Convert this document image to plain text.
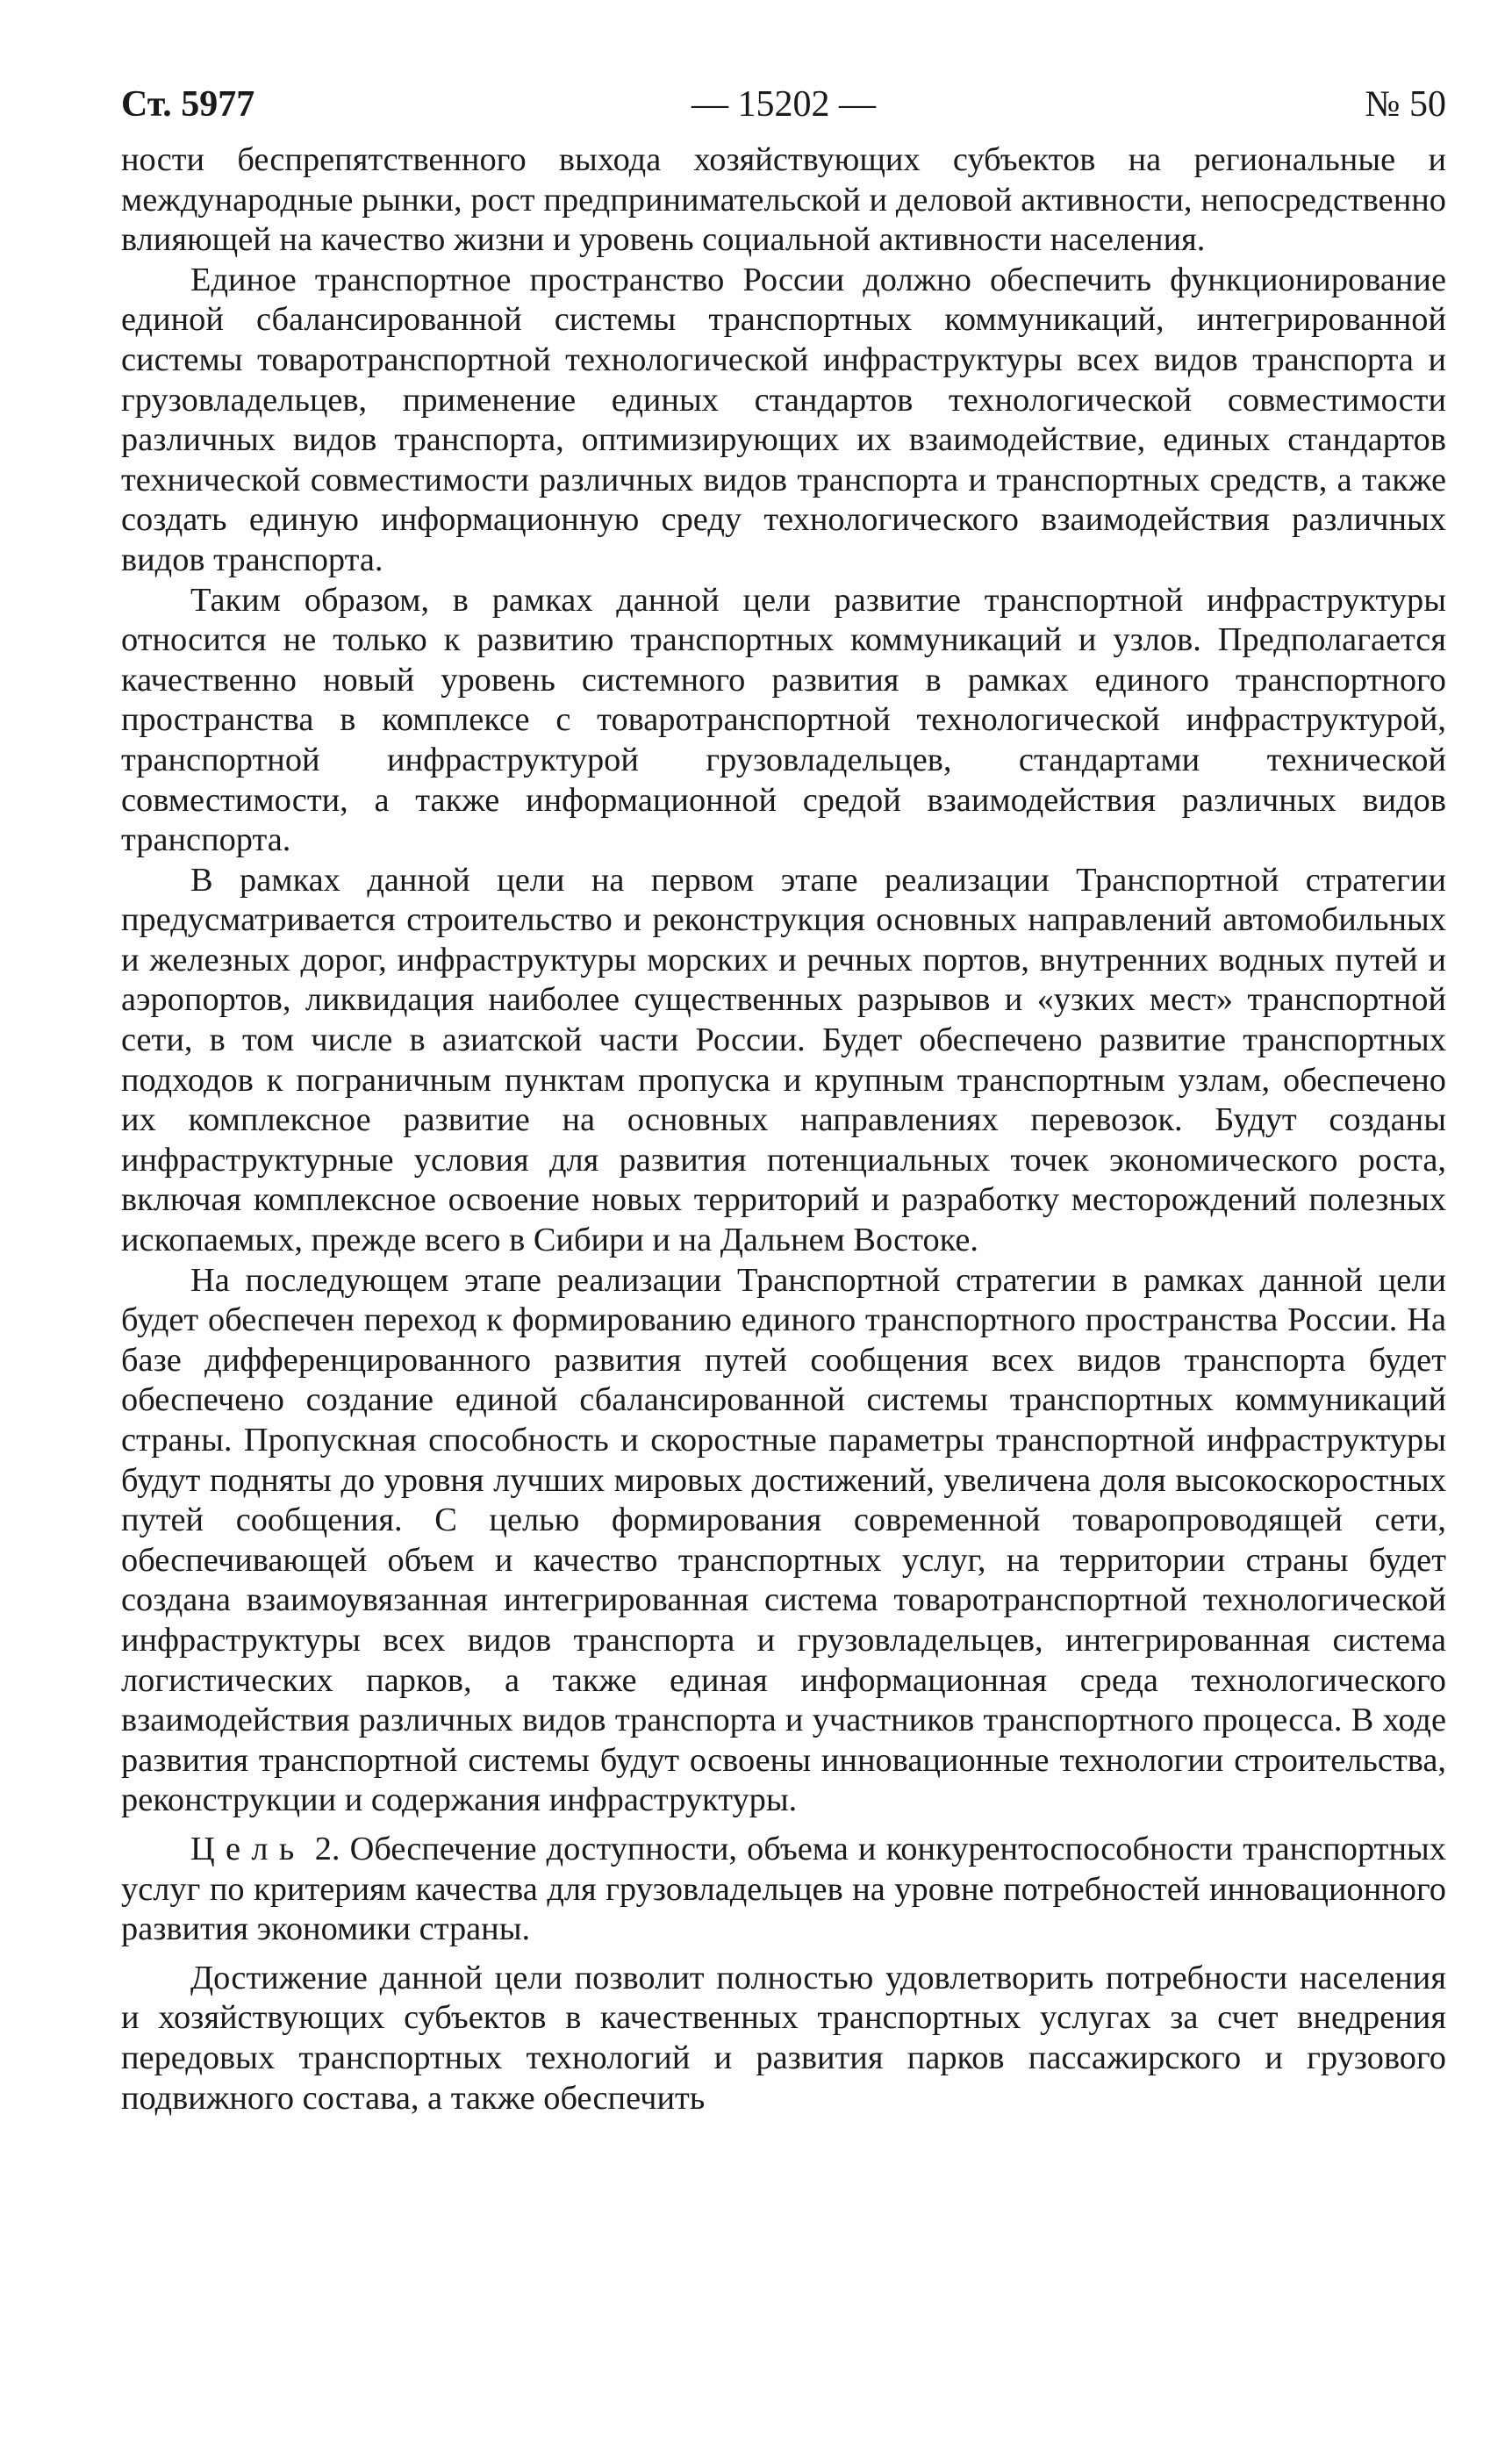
Ст. 5977	— 15202 —	№ 50

ности беспрепятственного выхода хозяйствующих субъектов на региональные и международные рынки, рост предпринимательской и деловой активности, непосредственно влияющей на качество жизни и уровень социальной активности населения.

Единое транспортное пространство России должно обеспечить функционирование единой сбалансированной системы транспортных коммуникаций, интегрированной системы товаротранспортной технологической инфраструктуры всех видов транспорта и грузовладельцев, применение единых стандартов технологической совместимости различных видов транспорта, оптимизирующих их взаимодействие, единых стандартов технической совместимости различных видов транспорта и транспортных средств, а также создать единую информационную среду технологического взаимодействия различных видов транспорта.

Таким образом, в рамках данной цели развитие транспортной инфраструктуры относится не только к развитию транспортных коммуникаций и узлов. Предполагается качественно новый уровень системного развития в рамках единого транспортного пространства в комплексе с товаротранспортной технологической инфраструктурой, транспортной инфраструктурой грузовладельцев, стандартами технической совместимости, а также информационной средой взаимодействия различных видов транспорта.

В рамках данной цели на первом этапе реализации Транспортной стратегии предусматривается строительство и реконструкция основных направлений автомобильных и железных дорог, инфраструктуры морских и речных портов, внутренних водных путей и аэропортов, ликвидация наиболее существенных разрывов и «узких мест» транспортной сети, в том числе в азиатской части России. Будет обеспечено развитие транспортных подходов к пограничным пунктам пропуска и крупным транспортным узлам, обеспечено их комплексное развитие на основных направлениях перевозок. Будут созданы инфраструктурные условия для развития потенциальных точек экономического роста, включая комплексное освоение новых территорий и разработку месторождений полезных ископаемых, прежде всего в Сибири и на Дальнем Востоке.

На последующем этапе реализации Транспортной стратегии в рамках данной цели будет обеспечен переход к формированию единого транспортного пространства России. На базе дифференцированного развития путей сообщения всех видов транспорта будет обеспечено создание единой сбалансированной системы транспортных коммуникаций страны. Пропускная способность и скоростные параметры транспортной инфраструктуры будут подняты до уровня лучших мировых достижений, увеличена доля высокоскоростных путей сообщения. С целью формирования современной товаропроводящей сети, обеспечивающей объем и качество транспортных услуг, на территории страны будет создана взаимоувязанная интегрированная система товаротранспортной технологической инфраструктуры всех видов транспорта и грузовладельцев, интегрированная система логистических парков, а также единая информационная среда технологического взаимодействия различных видов транспорта и участников транспортного процесса. В ходе развития транспортной системы будут освоены инновационные технологии строительства, реконструкции и содержания инфраструктуры.

Цель 2. Обеспечение доступности, объема и конкурентоспособности транспортных услуг по критериям качества для грузовладельцев на уровне потребностей инновационного развития экономики страны.

Достижение данной цели позволит полностью удовлетворить потребности населения и хозяйствующих субъектов в качественных транспортных услугах за счет внедрения передовых транспортных технологий и развития парков пассажирского и грузового подвижного состава, а также обеспечить
